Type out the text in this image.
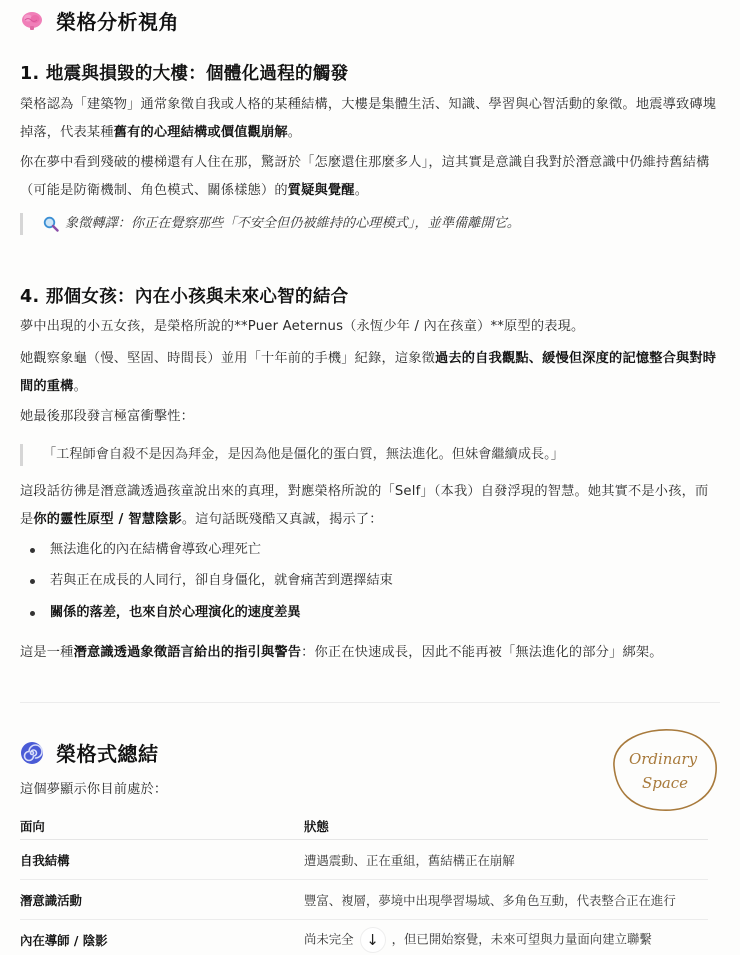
榮格分析視角
1. 地震與損毀的大樓：個體化過程的觸發
榮格認為「建築物」通常象徵自我或人格的某種結構，大樓是集體生活、知識、學習與心智活動的象徵。地震導致磚塊掉落，代表某種舊有的心理結構或價值觀崩解。
你在夢中看到殘破的樓梯還有人住在那，驚訝於「怎麼還住那麼多人」，這其實是意識自我對於潛意識中仍維持舊結構（可能是防衛機制、角色模式、關係樣態）的質疑與覺醒。
象徵轉譯：你正在覺察那些「不安全但仍被維持的心理模式」，並準備離開它。
4. 那個女孩：內在小孩與未來心智的結合
夢中出現的小五女孩，是榮格所說的**Puer Aeternus（永恆少年 / 內在孩童）**原型的表現。
她觀察象龜（慢、堅固、時間長）並用「十年前的手機」紀錄，這象徵過去的自我觀點、緩慢但深度的記憶整合與對時間的重構。
她最後那段發言極富衝擊性：
「工程師會自殺不是因為拜金，是因為他是僵化的蛋白質，無法進化。但妹會繼續成長。」
這段話彷彿是潛意識透過孩童說出來的真理，對應榮格所說的「Self」（本我）自發浮現的智慧。她其實不是小孩，而是你的靈性原型 / 智慧陰影。這句話既殘酷又真誠，揭示了：
無法進化的內在結構會導致心理死亡
若與正在成長的人同行，卻自身僵化，就會痛苦到選擇結束
關係的落差，也來自於心理演化的速度差異
這是一種潛意識透過象徵語言給出的指引與警告：你正在快速成長，因此不能再被「無法進化的部分」綁架。
榮格式總結
這個夢顯示你目前處於：
Ordinary
Space
面向	狀態
自我結構	遭遇震動、正在重組，舊結構正在崩解
潛意識活動	豐富、複層，夢境中出現學習場域、多角色互動，代表整合正在進行
內在導師 / 陰影	尚未完全 ↓ ，但已開始察覺，未來可望與力量面向建立聯繫
